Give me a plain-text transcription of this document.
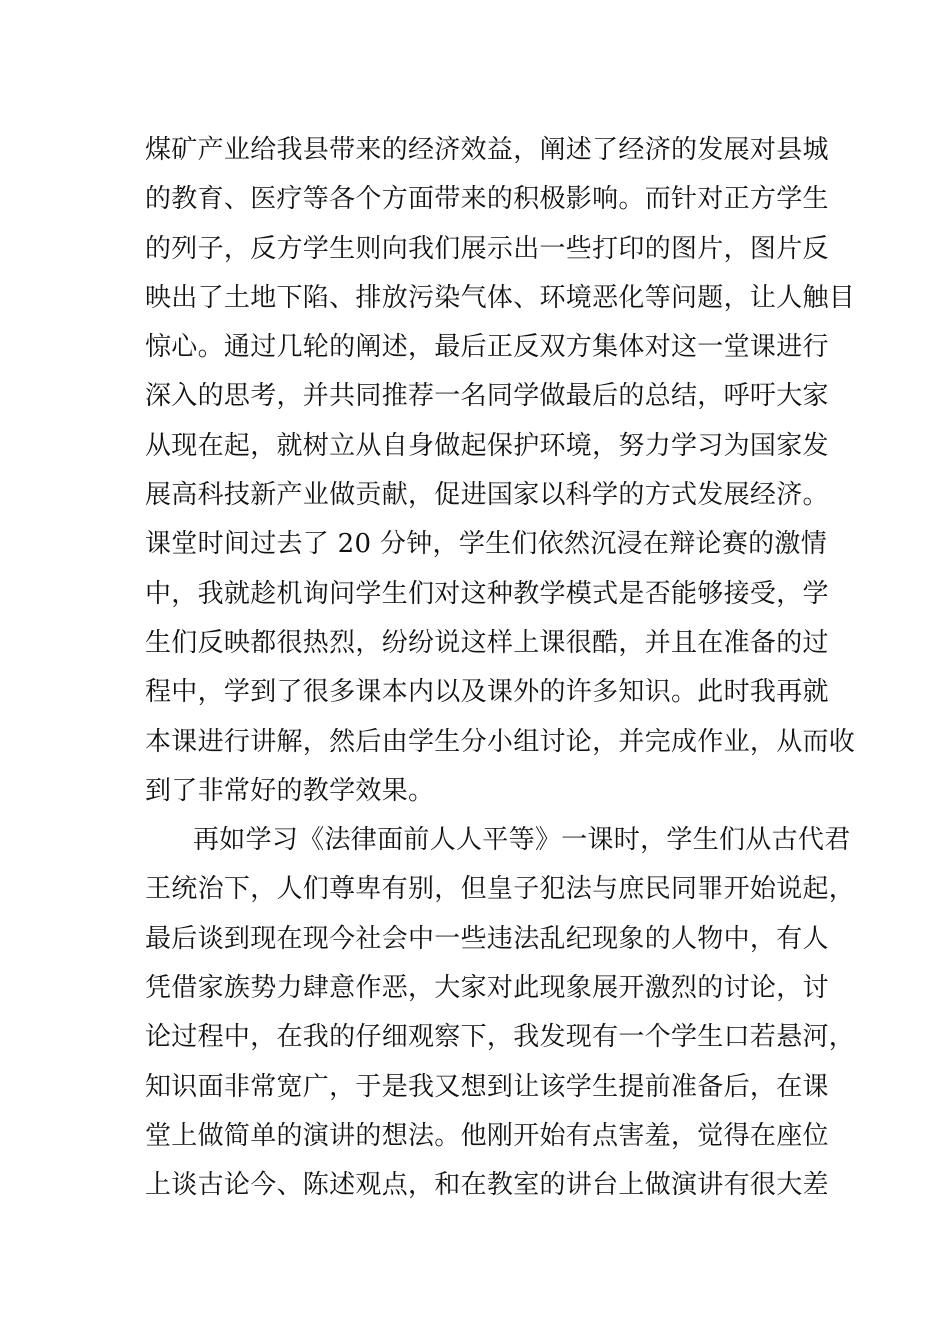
煤矿产业给我县带来的经济效益，阐述了经济的发展对县城
的教育、医疗等各个方面带来的积极影响。而针对正方学生
的列子，反方学生则向我们展示出一些打印的图片，图片反
映出了土地下陷、排放污染气体、环境恶化等问题，让人触目
惊心。通过几轮的阐述，最后正反双方集体对这一堂课进行
深入的思考，并共同推荐一名同学做最后的总结，呼吁大家
从现在起，就树立从自身做起保护环境，努力学习为国家发
展高科技新产业做贡献，促进国家以科学的方式发展经济。
课堂时间过去了 20 分钟，学生们依然沉浸在辩论赛的激情
中，我就趁机询问学生们对这种教学模式是否能够接受，学
生们反映都很热烈，纷纷说这样上课很酷，并且在准备的过
程中，学到了很多课本内以及课外的许多知识。此时我再就
本课进行讲解，然后由学生分小组讨论，并完成作业，从而收
到了非常好的教学效果。
再如学习《法律面前人人平等》一课时，学生们从古代君
王统治下，人们尊卑有别，但皇子犯法与庶民同罪开始说起，
最后谈到现在现今社会中一些违法乱纪现象的人物中，有人
凭借家族势力肆意作恶，大家对此现象展开激烈的讨论，讨
论过程中，在我的仔细观察下，我发现有一个学生口若悬河，
知识面非常宽广，于是我又想到让该学生提前准备后，在课
堂上做简单的演讲的想法。他刚开始有点害羞，觉得在座位
上谈古论今、陈述观点，和在教室的讲台上做演讲有很大差
